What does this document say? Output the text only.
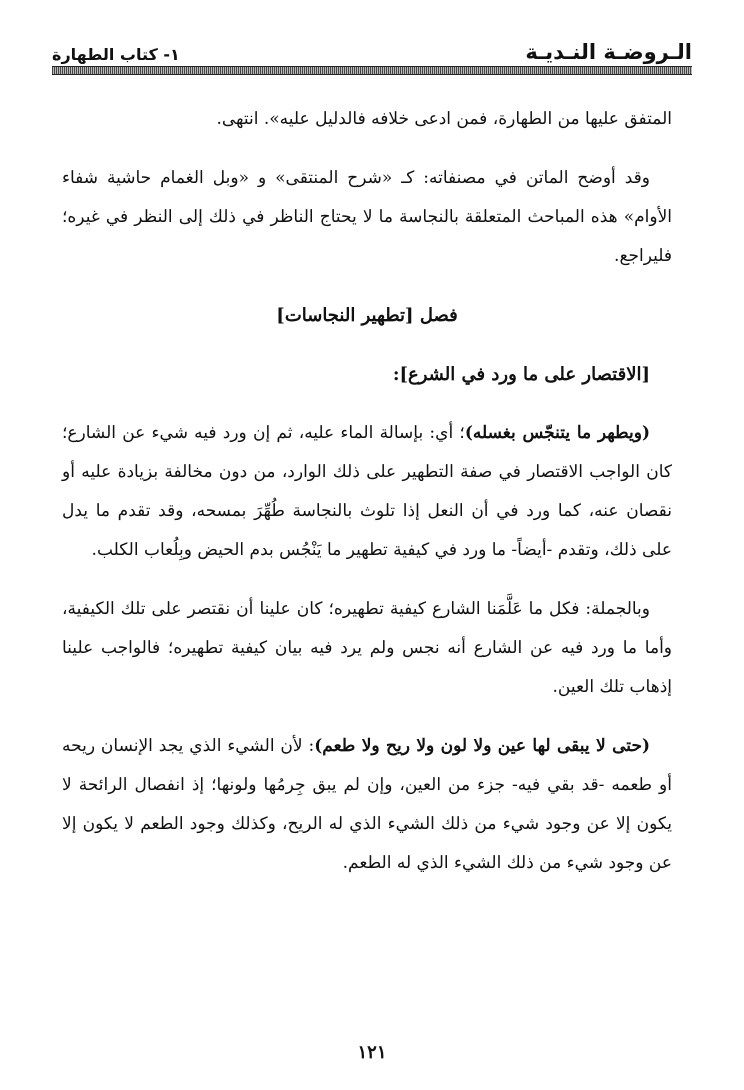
١- كتاب الطهارة	الـروضـة النـديـة

المتفق عليها من الطهارة، فمن ادعى خلافه فالدليل عليه». انتهى.

وقد أوضح الماتن في مصنفاته: كـ «شرح المنتقى» و «وبل الغمام حاشية شفاء الأوام» هذه المباحث المتعلقة بالنجاسة ما لا يحتاج الناظر في ذلك إلى النظر في غيره؛ فليراجع.

فصل [تطهير النجاسات]

[الاقتصار على ما ورد في الشرع]:

(ويطهر ما يتنجّس بغسله)؛ أي: بإسالة الماء عليه، ثم إن ورد فيه شيء عن الشارع؛ كان الواجب الاقتصار في صفة التطهير على ذلك الوارد، من دون مخالفة بزيادة عليه أو نقصان عنه، كما ورد في أن النعل إذا تلوث بالنجاسة طُهِّرَ بمسحه، وقد تقدم ما يدل على ذلك، وتقدم -أيضاً- ما ورد في كيفية تطهير ما يَنْجُس بدم الحيض وبِلُعاب الكلب.

وبالجملة: فكل ما عَلَّمَنا الشارع كيفية تطهيره؛ كان علينا أن نقتصر على تلك الكيفية، وأما ما ورد فيه عن الشارع أنه نجس ولم يرد فيه بيان كيفية تطهيره؛ فالواجب علينا إذهاب تلك العين.

(حتى لا يبقى لها عين ولا لون ولا ريح ولا طعم): لأن الشيء الذي يجد الإنسان ريحه أو طعمه -قد بقي فيه- جزء من العين، وإن لم يبق جِرمُها ولونها؛ إذ انفصال الرائحة لا يكون إلا عن وجود شيء من ذلك الشيء الذي له الريح، وكذلك وجود الطعم لا يكون إلا عن وجود شيء من ذلك الشيء الذي له الطعم.

١٢١
